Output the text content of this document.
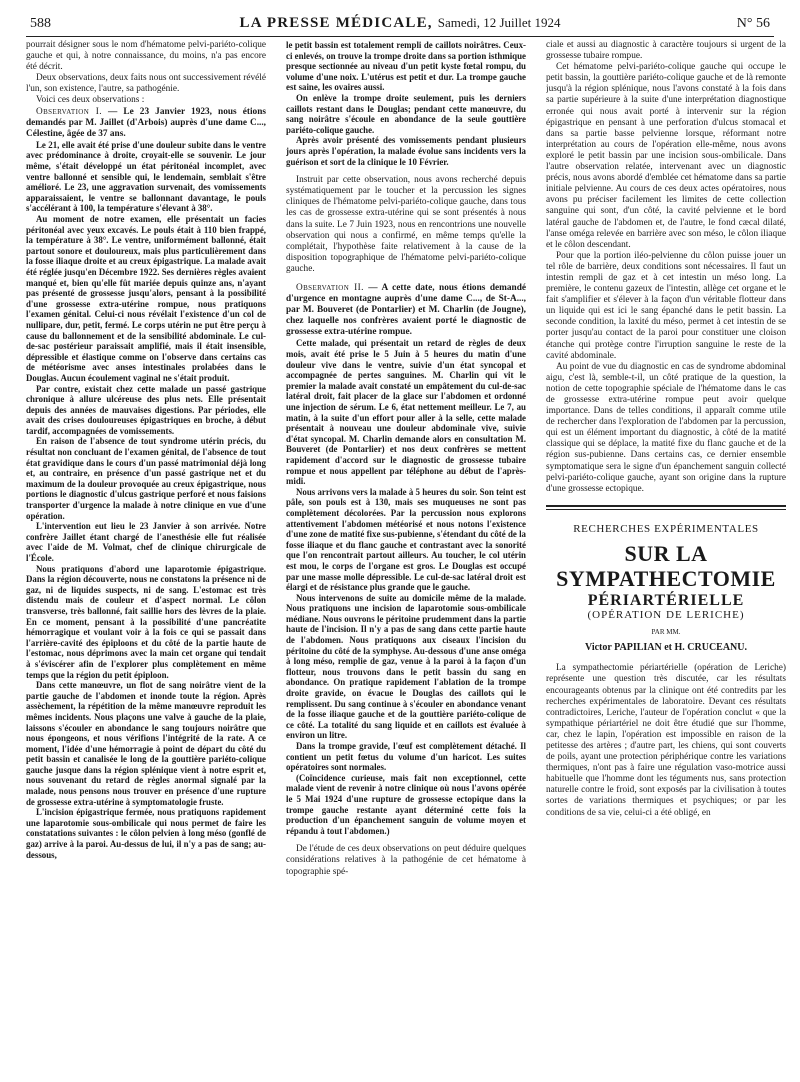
588	LA PRESSE MÉDICALE, Samedi, 12 Juillet 1924	N° 56

pourrait désigner sous le nom d'hématome pelvi-pariéto-colique gauche et qui, à notre connaissance, du moins, n'a pas encore été décrit.

Deux observations, deux faits nous ont successivement révélé l'un, son existence, l'autre, sa pathogénie.

Voici ces deux observations :

Observation I. — Le 23 Janvier 1923, nous étions demandés par M. Jaillet (d'Arbois) auprès d'une dame C..., Célestine, âgée de 37 ans.

Le 21, elle avait été prise d'une douleur subite dans le ventre avec prédominance à droite, croyait-elle se souvenir. Le jour même, s'était développé un état péritonéal incomplet, avec ventre ballonné et sensible qui, le lendemain, semblait s'être amélioré. Le 23, une aggravation survenait, des vomissements apparaissaient, le ventre se ballonnant davantage, le pouls s'accélérant à 100, la température s'élevant à 38°.

Au moment de notre examen, elle présentait un facies péritonéal avec yeux excavés. Le pouls était à 110 bien frappé, la température à 38°. Le ventre, uniformément ballonné, était partout sonore et douloureux, mais plus particulièrement dans la fosse iliaque droite et au creux épigastrique. La malade avait été réglée jusqu'en Décembre 1922. Ses dernières règles avaient manqué et, bien qu'elle fût mariée depuis quinze ans, n'ayant pas présenté de grossesse jusqu'alors, pensant à la possibilité d'une grossesse extra-utérine rompue, nous pratiquons l'examen génital. Celui-ci nous révélait l'existence d'un col de nullipare, dur, petit, fermé. Le corps utérin ne put être perçu à cause du ballonnement et de la sensibilité abdominale. Le cul-de-sac postérieur paraissait amplifié, mais il était insensible, dépressible et élastique comme on l'observe dans certains cas de météorisme avec anses intestinales prolabées dans le Douglas. Aucun écoulement vaginal ne s'était produit.

Par contre, existait chez cette malade un passé gastrique chronique à allure ulcéreuse des plus nets. Elle présentait depuis des années de mauvaises digestions. Par périodes, elle avait des crises douloureuses épigastriques en broche, à début tardif, accompagnées de vomissements.

En raison de l'absence de tout syndrome utérin précis, du résultat non concluant de l'examen génital, de l'absence de tout état gravidique dans le cours d'un passé matrimonial déjà long et, au contraire, en présence d'un passé gastrique net et du maximum de la douleur provoquée au creux épigastrique, nous portions le diagnostic d'ulcus gastrique perforé et nous faisions transporter d'urgence la malade à notre clinique en vue d'une opération.

L'intervention eut lieu le 23 Janvier à son arrivée. Notre confrère Jaillet étant chargé de l'anesthésie elle fut réalisée avec l'aide de M. Volmat, chef de clinique chirurgicale de l'École.

Nous pratiquons d'abord une laparotomie épigastrique. Dans la région découverte, nous ne constatons la présence ni de gaz, ni de liquides suspects, ni de sang. L'estomac est très distendu mais de couleur et d'aspect normal. Le côlon transverse, très ballonné, fait saillie hors des lèvres de la plaie. En ce moment, pensant à la possibilité d'une pancréatite hémorragique et voulant voir à la fois ce qui se passait dans l'arrière-cavité des épiploons et du côté de la partie haute de l'estomac, nous déprimons avec la main cet organe qui tendait à s'éviscérer afin de l'explorer plus complètement en même temps que la région du petit épiploon.

Dans cette manœuvre, un flot de sang noirâtre vient de la partie gauche de l'abdomen et inonde toute la région. Après assèchement, la répétition de la même manœuvre reproduit les mêmes incidents. Nous plaçons une valve à gauche de la plaie, laissons s'écouler en abondance le sang toujours noirâtre que nous épongeons, et nous vérifions l'intégrité de la rate. A ce moment, l'idée d'une hémorragie à point de départ du côté du petit bassin et canalisée le long de la gouttière pariéto-colique gauche jusque dans la région splénique vient à notre esprit et, nous souvenant du retard de règles anormal signalé par la malade, nous pensons nous trouver en présence d'une rupture de grossesse extra-utérine à symptomatologie fruste.

L'incision épigastrique fermée, nous pratiquons rapidement une laparotomie sous-ombilicale qui nous permet de faire les constatations suivantes : le côlon pelvien à long méso (gonflé de gaz) arrive à la paroi. Au-dessus de lui, il n'y a pas de sang; au-dessous,

le petit bassin est totalement rempli de caillots noirâtres. Ceux-ci enlevés, on trouve la trompe droite dans sa portion isthmique presque sectionnée au niveau d'un petit kyste fœtal rompu, du volume d'une noix. L'utérus est petit et dur. La trompe gauche est saine, les ovaires aussi.

On enlève la trompe droite seulement, puis les derniers caillots restant dans le Douglas; pendant cette manœuvre, du sang noirâtre s'écoule en abondance de la seule gouttière pariéto-colique gauche.

Après avoir présenté des vomissements pendant plusieurs jours après l'opération, la malade évolue sans incidents vers la guérison et sort de la clinique le 10 Février.

Instruit par cette observation, nous avons recherché depuis systématiquement par le toucher et la percussion les signes cliniques de l'hématome pelvi-pariéto-colique gauche, dans tous les cas de grossesse extra-utérine qui se sont présentés à nous dans la suite. Le 7 Juin 1923, nous en rencontrions une nouvelle observation qui nous a confirmé, en même temps qu'elle la complétait, l'hypothèse faite relativement à la cause de la disposition topographique de l'hématome pelvi-pariéto-colique gauche.

Observation II. — A cette date, nous étions demandé d'urgence en montagne auprès d'une dame C..., de St-A..., par M. Bouveret (de Pontarlier) et M. Charlin (de Jougne), chez laquelle nos confrères avaient porté le diagnostic de grossesse extra-utérine rompue.

Cette malade, qui présentait un retard de règles de deux mois, avait été prise le 5 Juin à 5 heures du matin d'une douleur vive dans le ventre, suivie d'un état syncopal et accompagnée de pertes sanguines. M. Charlin qui vit le premier la malade avait constaté un empâtement du cul-de-sac latéral droit, fait placer de la glace sur l'abdomen et ordonné une injection de sérum. Le 6, état nettement meilleur. Le 7, au matin, à la suite d'un effort pour aller à la selle, cette malade présentait à nouveau une douleur abdominale vive, suivie d'état syncopal. M. Charlin demande alors en consultation M. Bouveret (de Pontarlier) et nos deux confrères se mettent rapidement d'accord sur le diagnostic de grossesse tubaire rompue et nous appellent par téléphone au début de l'après-midi.

Nous arrivons vers la malade à 5 heures du soir. Son teint est pâle, son pouls est à 130, mais ses muqueuses ne sont pas complètement décolorées. Par la percussion nous explorons attentivement l'abdomen météorisé et nous notons l'existence d'une zone de matité fixe sus-pubienne, s'étendant du côté de la fosse iliaque et du flanc gauche et contrastant avec la sonorité que l'on rencontrait partout ailleurs. Au toucher, le col utérin est mou, le corps de l'organe est gros. Le Douglas est occupé par une masse molle dépressible. Le cul-de-sac latéral droit est élargi et de résistance plus grande que le gauche.

Nous intervenons de suite au domicile même de la malade. Nous pratiquons une incision de laparotomie sous-ombilicale médiane. Nous ouvrons le péritoine prudemment dans la partie haute de l'incision. Il n'y a pas de sang dans cette partie haute de l'abdomen. Nous pratiquons aux ciseaux l'incision du péritoine du côté de la symphyse. Au-dessous d'une anse oméga à long méso, remplie de gaz, venue à la paroi à la façon d'un flotteur, nous trouvons dans le petit bassin du sang en abondance. On pratique rapidement l'ablation de la trompe droite gravide, on évacue le Douglas des caillots qui le remplissent. Du sang continue à s'écouler en abondance venant de la fosse iliaque gauche et de la gouttière pariéto-colique de ce côté. La totalité du sang liquide et en caillots est évaluée à environ un litre.

Dans la trompe gravide, l'œuf est complètement détaché. Il contient un petit fœtus du volume d'un haricot. Les suites opératoires sont normales.

(Coïncidence curieuse, mais fait non exceptionnel, cette malade vient de revenir à notre clinique où nous l'avons opérée le 5 Mai 1924 d'une rupture de grossesse ectopique dans la trompe gauche restante ayant déterminé cette fois la production d'un épanchement sanguin de volume moyen et répandu à tout l'abdomen.)

De l'étude de ces deux observations on peut déduire quelques considérations relatives à la pathogénie de cet hématome à topographie spé-

ciale et aussi au diagnostic à caractère toujours si urgent de la grossesse tubaire rompue.

Cet hématome pelvi-pariéto-colique gauche qui occupe le petit bassin, la gouttière pariéto-colique gauche et de là remonte jusqu'à la région splénique, nous l'avons constaté à la fois dans sa partie supérieure à la suite d'une interprétation diagnostique erronée qui nous avait porté à intervenir sur la région épigastrique en pensant à une perforation d'ulcus stomacal et dans sa partie basse pelvienne lorsque, réformant notre interprétation au cours de l'opération elle-même, nous avons exploré le petit bassin par une incision sous-ombilicale. Dans l'autre observation relatée, intervenant avec un diagnostic précis, nous avons abordé d'emblée cet hématome dans sa partie initiale pelvienne. Au cours de ces deux actes opératoires, nous avons pu préciser facilement les limites de cette collection sanguine qui sont, d'un côté, la cavité pelvienne et le bord latéral gauche de l'abdomen et, de l'autre, le fond cæcal dilaté, l'anse oméga relevée en barrière avec son méso, le côlon iliaque et le côlon descendant.

Pour que la portion iléo-pelvienne du côlon puisse jouer un tel rôle de barrière, deux conditions sont nécessaires. Il faut un intestin rempli de gaz et à cet intestin un méso long. La première, le contenu gazeux de l'intestin, allège cet organe et le fait s'amplifier et s'élever à la façon d'un véritable flotteur dans un liquide qui est ici le sang épanché dans le petit bassin. La seconde condition, la laxité du méso, permet à cet intestin de se porter jusqu'au contact de la paroi pour constituer une cloison étanche qui protège contre l'irruption sanguine le reste de la cavité abdominale.

Au point de vue du diagnostic en cas de syndrome abdominal aigu, c'est là, semble-t-il, un côté pratique de la question, la notion de cette topographie spéciale de l'hématome dans le cas de grossesse extra-utérine rompue peut avoir quelque importance. Dans de telles conditions, il apparaît comme utile de rechercher dans l'exploration de l'abdomen par la percussion, qui est un élément important du diagnostic, à côté de la matité classique qui se déplace, la matité fixe du flanc gauche et de la région sus-pubienne. Dans certains cas, ce dernier ensemble symptomatique sera le signe d'un épanchement sanguin collecté pelvi-pariéto-colique gauche, ayant son origine dans la rupture d'une grossesse ectopique.

RECHERCHES EXPÉRIMENTALES
SUR LA SYMPATHECTOMIE
PÉRIARTÉRIELLE
(OPÉRATION DE LERICHE)
PAR MM.
Victor PAPILIAN et H. CRUCEANU.

La sympathectomie périartérielle (opération de Leriche) représente une question très discutée, car les résultats encourageants obtenus par la clinique ont été contredits par les recherches expérimentales de laboratoire. Devant ces résultats contradictoires, Leriche, l'auteur de l'opération conclut « que la sympathique périartériel ne doit être étudié que sur l'homme, car, chez le lapin, l'opération est impossible en raison de la petitesse des artères ; d'autre part, les chiens, qui sont couverts de poils, ayant une protection périphérique contre les variations thermiques, n'ont pas à faire une régulation vaso-motrice aussi habituelle que l'homme dont les téguments nus, sans protection naturelle contre le froid, sont exposés par la civilisation à toutes sortes de variations thermiques et psychiques; or par les conditions de sa vie, celui-ci a été obligé, en
